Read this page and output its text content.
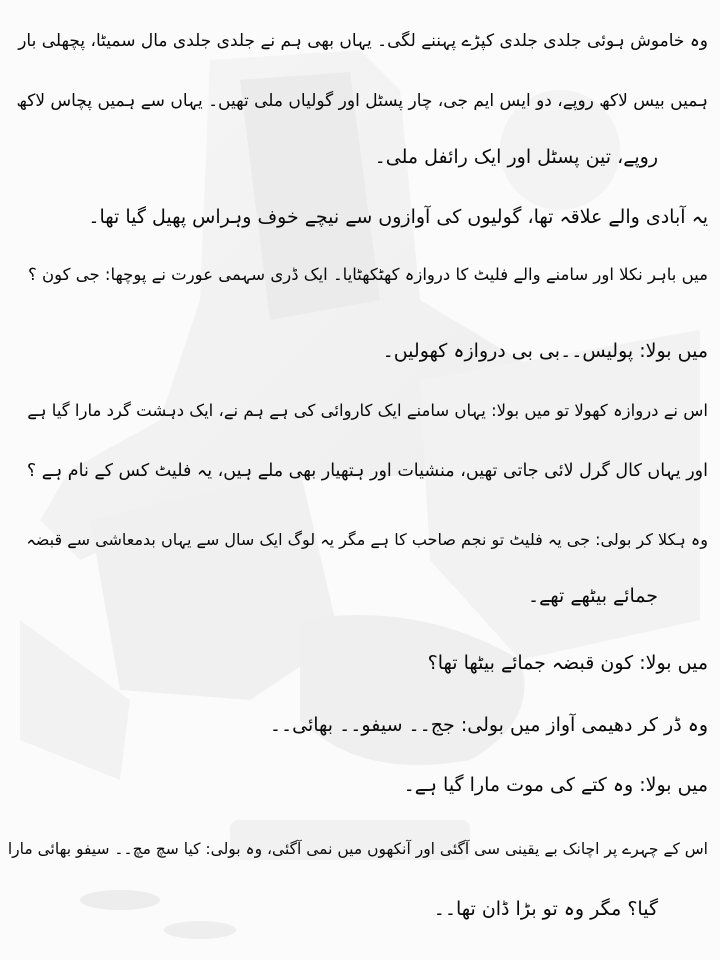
وہ خاموش ہوئی جلدی جلدی کپڑے پہننے لگی۔ یہاں بھی ہم نے جلدی جلدی مال سمیٹا، پچھلی بار
ہمیں بیس لاکھ روپے، دو ایس ایم جی، چار پسٹل اور گولیاں ملی تھیں۔ یہاں سے ہمیں پچاس لاکھ
روپے، تین پسٹل اور ایک رائفل ملی۔
یہ آبادی والے علاقہ تھا، گولیوں کی آوازوں سے نیچے خوف وہراس پھیل گیا تھا۔
میں باہر نکلا اور سامنے والے فلیٹ کا دروازہ کھٹکھٹایا۔ ایک ڈری سہمی عورت نے پوچھا: جی کون ؟
میں بولا: پولیس۔۔بی بی دروازہ کھولیں۔
اس نے دروازہ کھولا تو میں بولا: یہاں سامنے ایک کاروائی کی ہے ہم نے، ایک دہشت گرد مارا گیا ہے
اور یہاں کال گرل لائی جاتی تھیں، منشیات اور ہتھیار بھی ملے ہیں، یہ فلیٹ کس کے نام ہے ؟
وہ ہکلا کر بولی: جی یہ فلیٹ تو نجم صاحب کا ہے مگر یہ لوگ ایک سال سے یہاں بدمعاشی سے قبضہ
جمائے بیٹھے تھے۔
میں بولا: کون قبضہ جمائے بیٹھا تھا؟
وہ ڈر کر دھیمی آواز میں بولی: جج۔۔ سیفو۔۔ بھائی۔۔
میں بولا: وہ کتے کی موت مارا گیا ہے۔
اس کے چہرے پر اچانک بے یقینی سی آگئی اور آنکھوں میں نمی آگئی، وہ بولی: کیا سچ مچ۔۔ سیفو بھائی مارا
گیا؟ مگر وہ تو بڑا ڈان تھا۔۔
